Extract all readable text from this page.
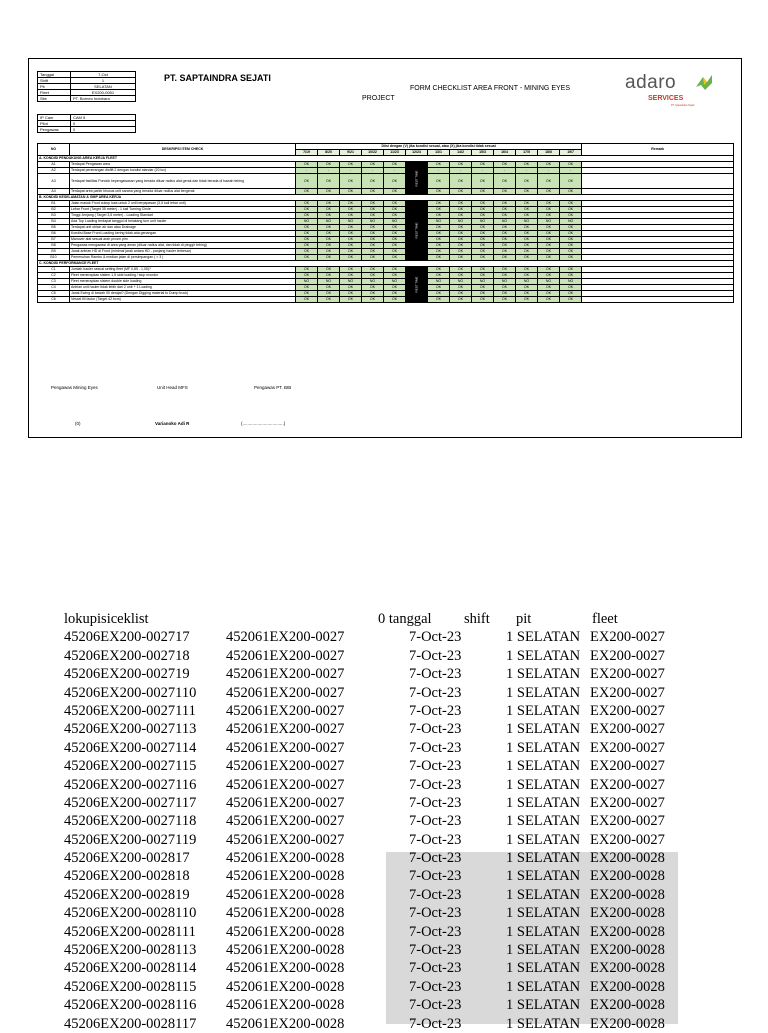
Tanggal	7-Oct
Shift	1
Pit	SELATAN
Fleet	EX200-0051
Site	PT. Borneo Indobara
IP Cam	CAM 5
Pilot	0
Pengawas	0
PT. SAPTAINDRA SEJATI
FORM CHECKLIST AREA FRONT - MINING EYES
PROJECT
adaro
SERVICES
PT. Saptaindra Sejati
NO	DESKRIPSI ITEM CHECK	Diisi dengan (V) jika kondisi sesuai, atau (X) jika kondisi tidak sesuai													Remark
		7/19	8/20	9/21	10/22	11/23	12/24	13/1	14/2	15/3	16/4	17/5	18/6	19/7	
A. KONDISI PENDUKUNG AREA KERJA FLEET															
A1	Terdapat Pengawas area	OK	OK	OK	OK	OK	REST TIME	OK	OK	OK	OK	OK	OK	OK	
A2	Terdapat penerangan disfift 2 dengan kondisi standar (20 lux)	-	-	-	-	-		-	-	-	-	-	-	-	
A3	Terdapat fasilitas Pondok kepengawasan yang berada diluar radius alat gerak dan tidak berada di bawah tebing	OK	OK	OK	OK	OK		OK	OK	OK	OK	OK	OK	OK	
A4	Terdapat area parkir khusus unit sarana yang berada diluar radius alat bergerak	OK	OK	OK	OK	OK		OK	OK	OK	OK	OK	OK	OK	
B. KONDISI KESELAMATAN & GMP AREA KERJA															
B1	Jalan masuk Front cukup luas untuk 2 unit berpapasan (3,5 kali lebar unit)	OK	OK	OK	OK	OK	REST TIME	OK	OK	OK	OK	OK	OK	OK	
B2	Lebar Front (Target 35 meter) - 1 kali Turning Circle	OK	OK	OK	OK	OK		OK	OK	OK	OK	OK	OK	OK	
B3	Tinggi Jenjang ( Target 3,5 meter) - Loading Standart	OK	OK	OK	OK	OK		OK	OK	OK	OK	OK	OK	OK	
B4	Ada Top Loading terdapat tanggul di belakang tum unit hauler	NO	NO	NO	NO	NO		NO	NO	NO	NO	NO	NO	NO	
B5	Terdapat unit obisin air dan atau Drainage	OK	OK	OK	OK	OK		OK	OK	OK	OK	OK	OK	OK	
B6	Kondisi Base Front Loading kering tidak ada genangan	OK	OK	OK	OK	OK		OK	OK	OK	OK	OK	OK	OK	
B7	Manuver alat sesuai arah prosm pim	OK	OK	OK	OK	OK		OK	OK	OK	OK	OK	OK	OK	
B8	Pengawas mengawasi di area yang aman (diluar radius alat, dan tidak di pinggir tebing)	OK	OK	OK	OK	OK		OK	OK	OK	OK	OK	OK	OK	
B9	Jarak antrian HD di Front (minimal jarak antara HD - panjang hauler terbesar)	OK	OK	OK	OK	OK		OK	OK	OK	OK	OK	OK	OK	
B10	Pemenuhan Rambu & median jalan di persimpangan ( > 3 )	OK	OK	OK	OK	OK		OK	OK	OK	OK	OK	OK	OK	
C. KONDISI PERFORMANCE FLEET															
C1	Jumlah hauler sesuai setting fleet (MF 0,85 - 1,05)?	OK	OK	OK	OK	OK	REST TIME	OK	OK	OK	OK	OK	OK	OK	
C2	Fleet menerapkan sistem 1,5 side loading / stop mundur	OK	OK	OK	OK	OK		OK	OK	OK	OK	OK	OK	OK	
C3	Fleet menerapkan sistem double side loading	NO	NO	NO	NO	NO		NO	NO	NO	NO	NO	NO	NO	
C4	Antrian unit hauler tidak lebih dari 2 unit + 1 Loading	OK	OK	OK	OK	OK		OK	OK	OK	OK	OK	OK	OK	
C5	Jarak Ewing di bawah 90 derajat? (Dengan Digging material to Dump truck)	OK	OK	OK	OK	OK		OK	OK	OK	OK	OK	OK	OK	
C6	Vessel fill factor (Target 42 bcm)	OK	OK	OK	OK	OK		OK	OK	OK	OK	OK	OK	OK	
Pengawas Mining Eyes	Unit Head MFS	Pengawas PT. BIB
(0)	Varianoko Adi R	(.................................)
lokupisiceklist	0 tanggal shift pit	fleet
45206EX200-002717	452061EX200-0027	7-Oct-23	1 SELATAN EX200-0027
45206EX200-002718	452061EX200-0027	7-Oct-23	1 SELATAN EX200-0027
45206EX200-002719	452061EX200-0027	7-Oct-23	1 SELATAN EX200-0027
45206EX200-0027110 452061EX200-0027	7-Oct-23	1 SELATAN EX200-0027
45206EX200-0027111 452061EX200-0027	7-Oct-23	1 SELATAN EX200-0027
45206EX200-0027113 452061EX200-0027	7-Oct-23	1 SELATAN EX200-0027
45206EX200-0027114 452061EX200-0027	7-Oct-23	1 SELATAN EX200-0027
45206EX200-0027115 452061EX200-0027	7-Oct-23	1 SELATAN EX200-0027
45206EX200-0027116 452061EX200-0027	7-Oct-23	1 SELATAN EX200-0027
45206EX200-0027117 452061EX200-0027	7-Oct-23	1 SELATAN EX200-0027
45206EX200-0027118 452061EX200-0027	7-Oct-23	1 SELATAN EX200-0027
45206EX200-0027119 452061EX200-0027	7-Oct-23	1 SELATAN EX200-0027
45206EX200-002817	452061EX200-0028	7-Oct-23	1 SELATAN EX200-0028
45206EX200-002818	452061EX200-0028	7-Oct-23	1 SELATAN EX200-0028
45206EX200-002819	452061EX200-0028	7-Oct-23	1 SELATAN EX200-0028
45206EX200-0028110 452061EX200-0028	7-Oct-23	1 SELATAN EX200-0028
45206EX200-0028111 452061EX200-0028	7-Oct-23	1 SELATAN EX200-0028
45206EX200-0028113 452061EX200-0028	7-Oct-23	1 SELATAN EX200-0028
45206EX200-0028114 452061EX200-0028	7-Oct-23	1 SELATAN EX200-0028
45206EX200-0028115 452061EX200-0028	7-Oct-23	1 SELATAN EX200-0028
45206EX200-0028116 452061EX200-0028	7-Oct-23	1 SELATAN EX200-0028
45206EX200-0028117 452061EX200-0028	7-Oct-23	1 SELATAN EX200-0028
